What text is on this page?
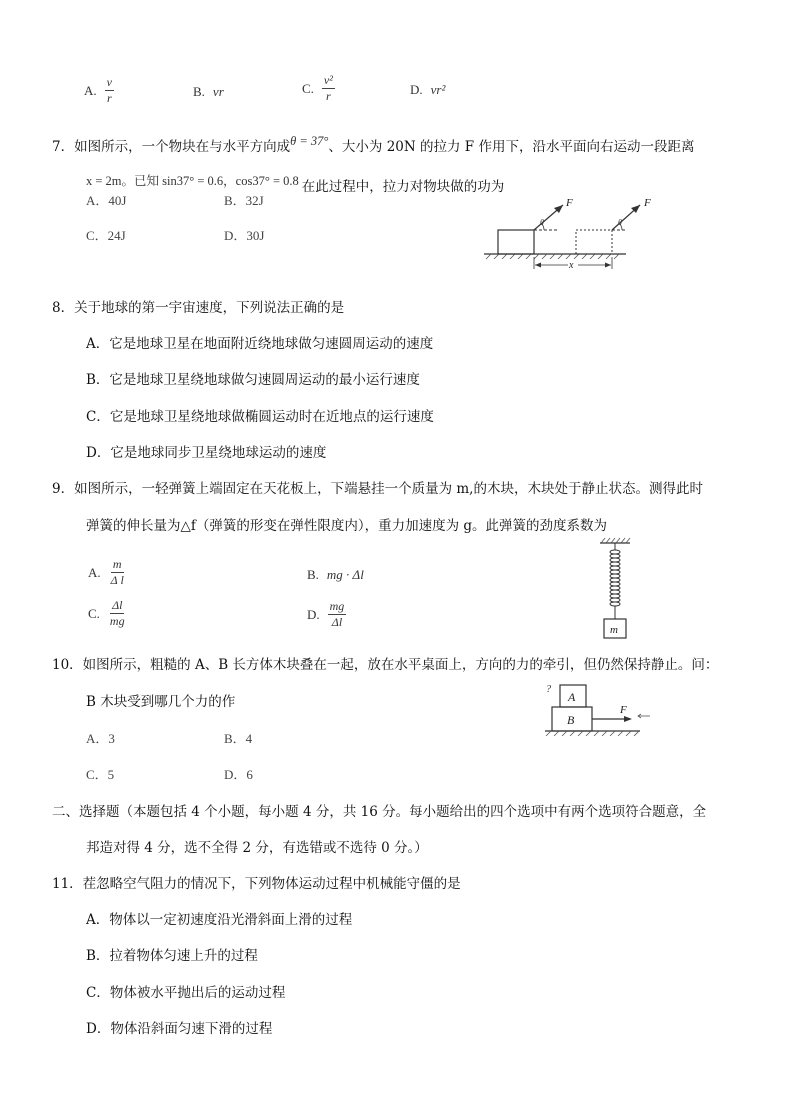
A. $\frac{v}{r}$	B. vr	C. $\frac{\text{v²}}{r}$	D. vr²
7．如图所示，一个物块在与水平方向成θ = 37°、大小为 20N 的拉力 F 作用下，沿水平面向右运动一段距离
x = 2m。已知 sin37° = 0.6，cos37° = 0.8 在此过程中，拉力对物块做的功为
A．40J	B．32J
C．24J	D．30J
θ
F
θ
F
x
8．关于地球的第一宇宙速度，下列说法正确的是
A．它是地球卫星在地面附近绕地球做匀速圆周运动的速度
B．它是地球卫星绕地球做匀速圆周运动的最小运行速度
C．它是地球卫星绕地球做椭圆运动时在近地点的运行速度
D．它是地球同步卫星绕地球运动的速度
9．如图所示，一轻弹簧上端固定在天花板上，下端悬挂一个质量为 m,的木块，木块处于静止状态。测得此时
弹簧的伸长量为△f（弹簧的形变在弹性限度内），重力加速度为 g。此弹簧的劲度系数为
A. $\frac{m}{\text{Δ l}}$	B. mg · Δl
C. $\frac{\Delta l}{mg}$	D. $\frac{mg}{\Delta l}$
m
10．如图所示，粗糙的 A、B 长方体木块叠在一起，放在水平桌面上，方向的力的牵引，但仍然保持静止。问：
B 木块受到哪几个力的作
A．3	B．4
C．5	D．6
?
A
B
F
二、选择题（本题包括 4 个小题，每小题 4 分，共 16 分。每小题给出的四个选项中有两个选项符合题意，全
邦造对得 4 分，选不全得 2 分，有选错或不选待 0 分。）
11．茬忽略空气阻力的情况下，下列物体运动过程中机械能守僵的是
A．物体以一定初速度沿光滑斜面上滑的过程
B．拉着物体匀速上升的过程
C．物体被水平抛出后的运动过程
D．物体沿斜面匀速下滑的过程
